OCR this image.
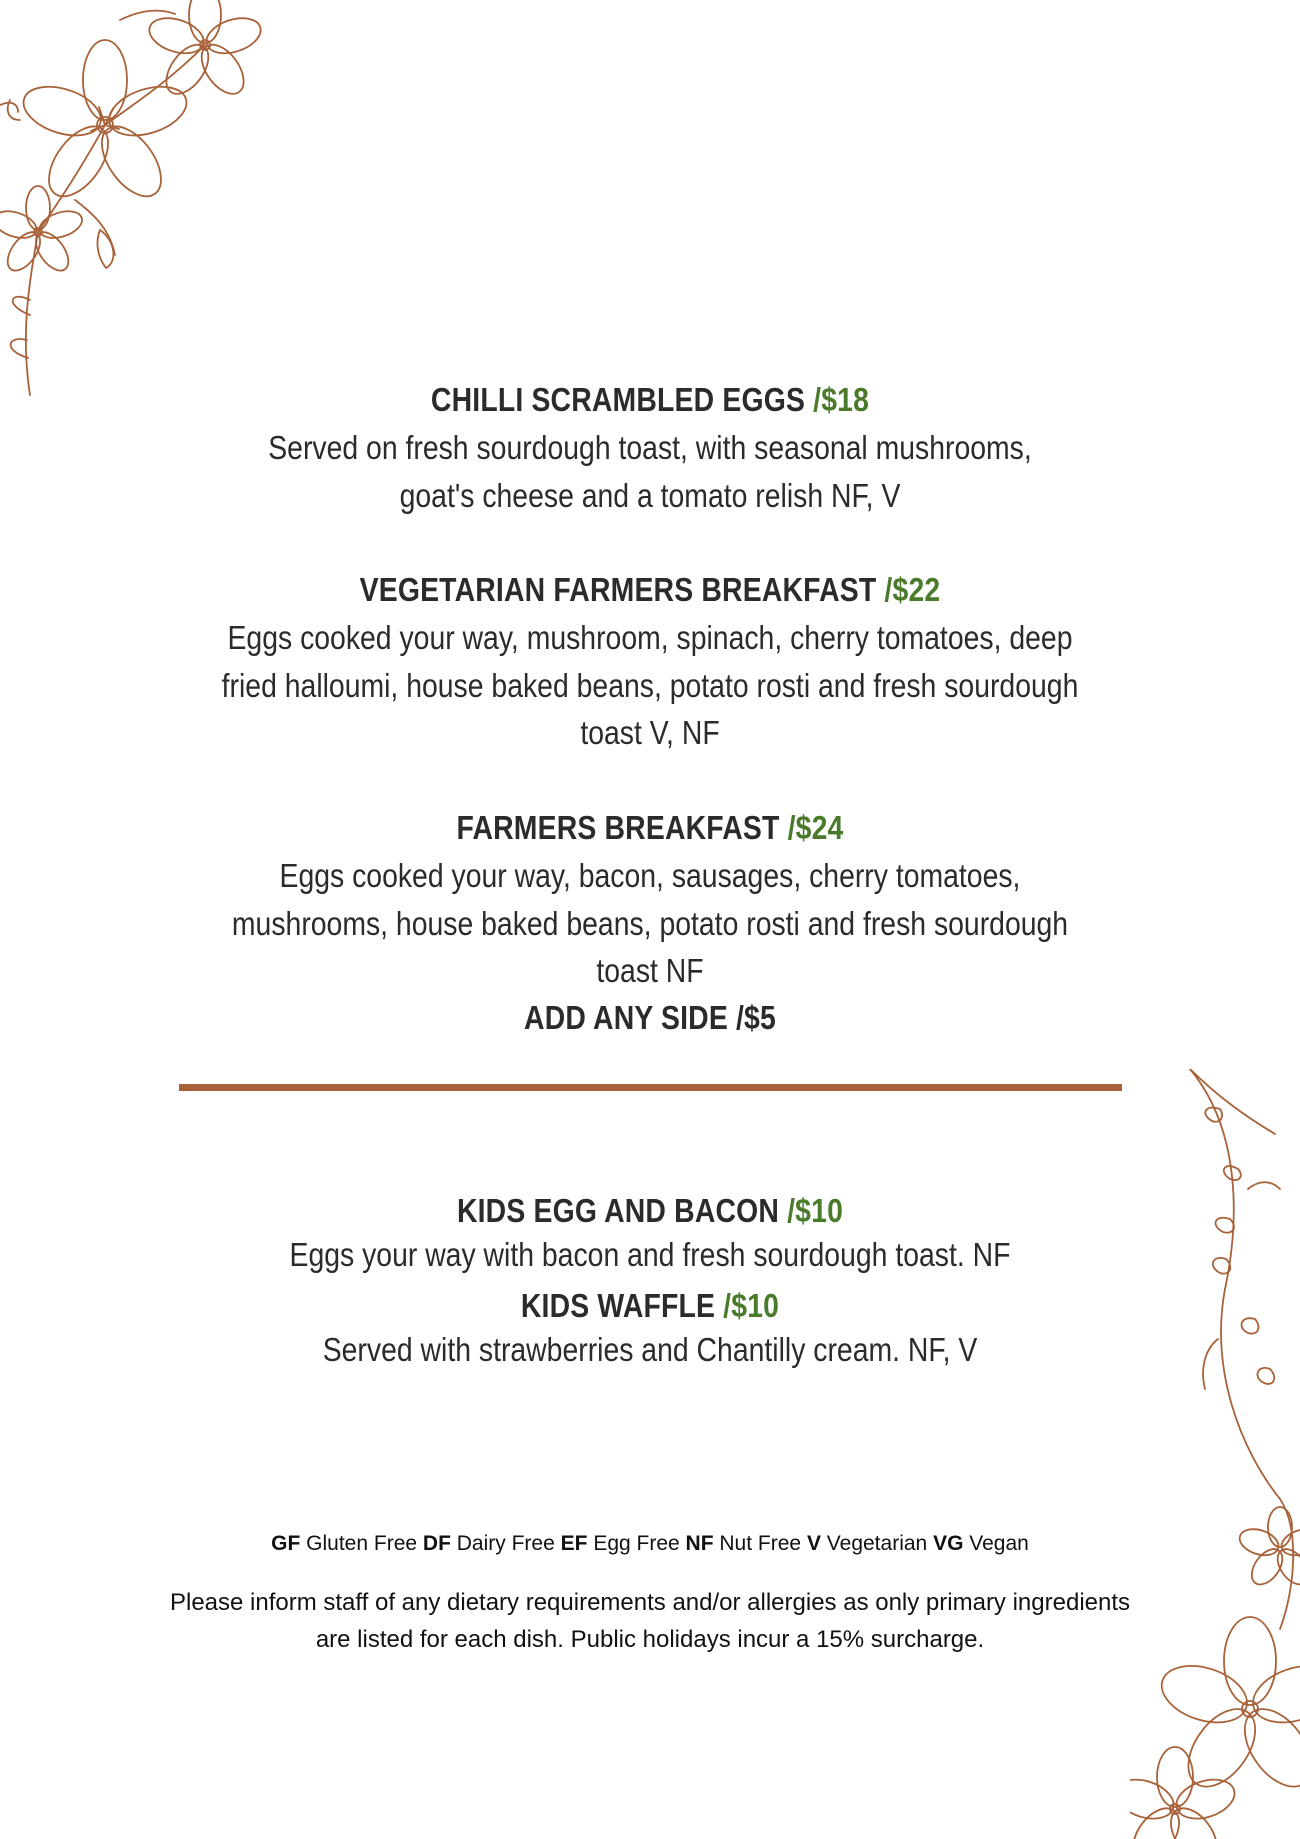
CHILLI SCRAMBLED EGGS /$18
Served on fresh sourdough toast, with seasonal mushrooms, goat's cheese and a tomato relish NF, V
VEGETARIAN FARMERS BREAKFAST /$22
Eggs cooked your way, mushroom, spinach, cherry tomatoes, deep fried halloumi, house baked beans, potato rosti and fresh sourdough toast V, NF
FARMERS BREAKFAST /$24
Eggs cooked your way, bacon, sausages, cherry tomatoes, mushrooms, house baked beans, potato rosti and fresh sourdough toast NF
ADD ANY SIDE /$5
KIDS EGG AND BACON /$10
Eggs your way with bacon and fresh sourdough toast. NF
KIDS WAFFLE /$10
Served with strawberries and Chantilly cream. NF, V
GF Gluten Free DF Dairy Free EF Egg Free NF Nut Free V Vegetarian VG Vegan
Please inform staff of any dietary requirements and/or allergies as only primary ingredients are listed for each dish. Public holidays incur a 15% surcharge.
